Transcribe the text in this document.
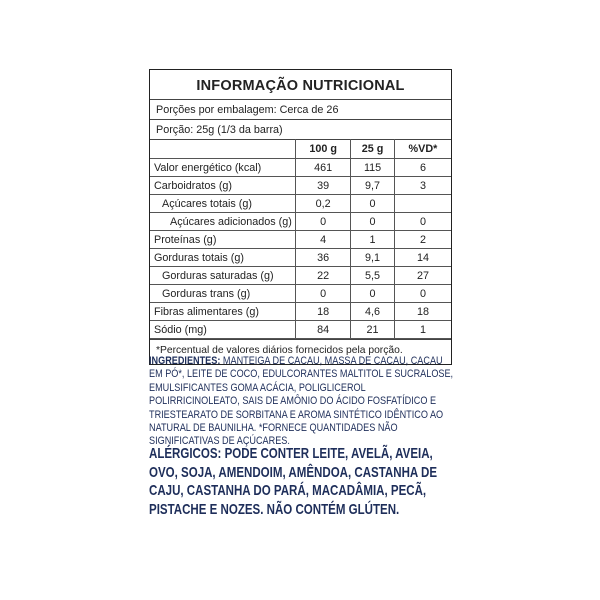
INFORMAÇÃO NUTRICIONAL
Porções por embalagem: Cerca de 26
Porção: 25g (1/3 da barra)
	100 g	25 g	%VD*
Valor energético (kcal)	461	115	6
Carboidratos (g)	39	9,7	3
Açúcares totais (g)	0,2	0	
Açúcares adicionados (g)	0	0	0
Proteínas (g)	4	1	2
Gorduras totais (g)	36	9,1	14
Gorduras saturadas (g)	22	5,5	27
Gorduras trans (g)	0	0	0
Fibras alimentares (g)	18	4,6	18
Sódio (mg)	84	21	1
*Percentual de valores diários fornecidos pela porção.
INGREDIENTES: MANTEIGA DE CACAU, MASSA DE CACAU, CACAU EM PÓ*, LEITE DE COCO, EDULCORANTES MALTITOL E SUCRALOSE, EMULSIFICANTES GOMA ACÁCIA, POLIGLICEROL POLIRRICINOLEATO, SAIS DE AMÔNIO DO ÁCIDO FOSFATÍDICO E TRIESTEARATO DE SORBITANA E AROMA SINTÉTICO IDÊNTICO AO NATURAL DE BAUNILHA. *FORNECE QUANTIDADES NÃO SIGNIFICATIVAS DE AÇÚCARES.
ALÉRGICOS: PODE CONTER LEITE, AVELÃ, AVEIA, OVO, SOJA, AMENDOIM, AMÊNDOA, CASTANHA DE CAJU, CASTANHA DO PARÁ, MACADÂMIA, PECÃ, PISTACHE E NOZES. NÃO CONTÉM GLÚTEN.
